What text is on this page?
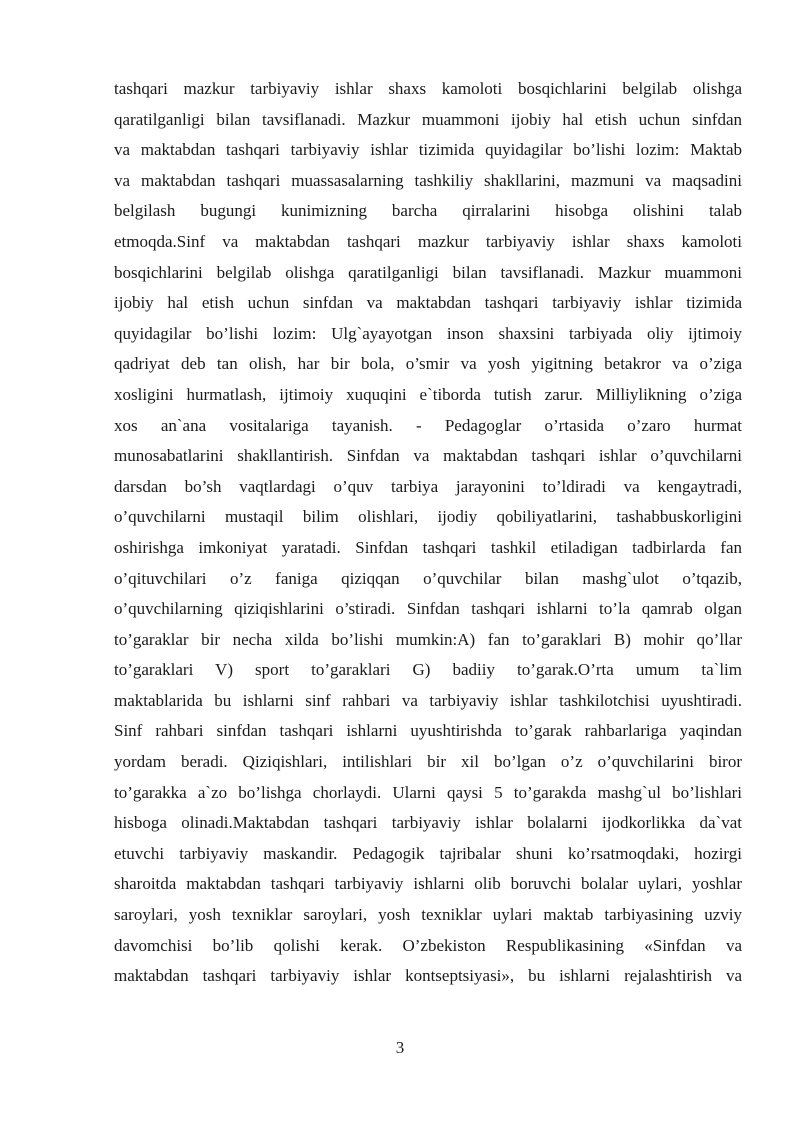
tashqari mazkur tarbiyaviy ishlar shaxs kamoloti bosqichlarini belgilab olishga
qaratilganligi bilan tavsiflanadi. Mazkur muammoni ijobiy hal etish uchun sinfdan
va maktabdan tashqari tarbiyaviy ishlar tizimida quyidagilar bo’lishi lozim: Maktab
va maktabdan tashqari muassasalarning tashkiliy shakllarini, mazmuni va maqsadini
belgilash bugungi kunimizning barcha qirralarini hisobga olishini talab
etmoqda.Sinf va maktabdan tashqari mazkur tarbiyaviy ishlar shaxs kamoloti
bosqichlarini belgilab olishga qaratilganligi bilan tavsiflanadi. Mazkur muammoni
ijobiy hal etish uchun sinfdan va maktabdan tashqari tarbiyaviy ishlar tizimida
quyidagilar bo’lishi lozim: Ulg`ayayotgan inson shaxsini tarbiyada oliy ijtimoiy
qadriyat deb tan olish, har bir bola, o’smir va yosh yigitning betakror va o’ziga
xosligini hurmatlash, ijtimoiy xuquqini e`tiborda tutish zarur. Milliylikning o’ziga
xos an`ana vositalariga tayanish. - Pedagoglar o’rtasida o’zaro hurmat
munosabatlarini shakllantirish. Sinfdan va maktabdan tashqari ishlar o’quvchilarni
darsdan bo’sh vaqtlardagi o’quv tarbiya jarayonini to’ldiradi va kengaytradi,
o’quvchilarni mustaqil bilim olishlari, ijodiy qobiliyatlarini, tashabbuskorligini
oshirishga imkoniyat yaratadi. Sinfdan tashqari tashkil etiladigan tadbirlarda fan
o’qituvchilari o’z faniga qiziqqan o’quvchilar bilan mashg`ulot o’tqazib,
o’quvchilarning qiziqishlarini o’stiradi. Sinfdan tashqari ishlarni to’la qamrab olgan
to’garaklar bir necha xilda bo’lishi mumkin:A) fan to’garaklari B) mohir qo’llar
to’garaklari V) sport to’garaklari G) badiiy to’garak.O’rta umum ta`lim
maktablarida bu ishlarni sinf rahbari va tarbiyaviy ishlar tashkilotchisi uyushtiradi.
Sinf rahbari sinfdan tashqari ishlarni uyushtirishda to’garak rahbarlariga yaqindan
yordam beradi. Qiziqishlari, intilishlari bir xil bo’lgan o’z o’quvchilarini biror
to’garakka a`zo bo’lishga chorlaydi. Ularni qaysi 5 to’garakda mashg`ul bo’lishlari
hisboga olinadi.Maktabdan tashqari tarbiyaviy ishlar bolalarni ijodkorlikka da`vat
etuvchi tarbiyaviy maskandir. Pedagogik tajribalar shuni ko’rsatmoqdaki, hozirgi
sharoitda maktabdan tashqari tarbiyaviy ishlarni olib boruvchi bolalar uylari, yoshlar
saroylari, yosh texniklar saroylari, yosh texniklar uylari maktab tarbiyasining uzviy
davomchisi bo’lib qolishi kerak. O’zbekiston Respublikasining «Sinfdan va
maktabdan tashqari tarbiyaviy ishlar kontseptsiyasi», bu ishlarni rejalashtirish va
3
